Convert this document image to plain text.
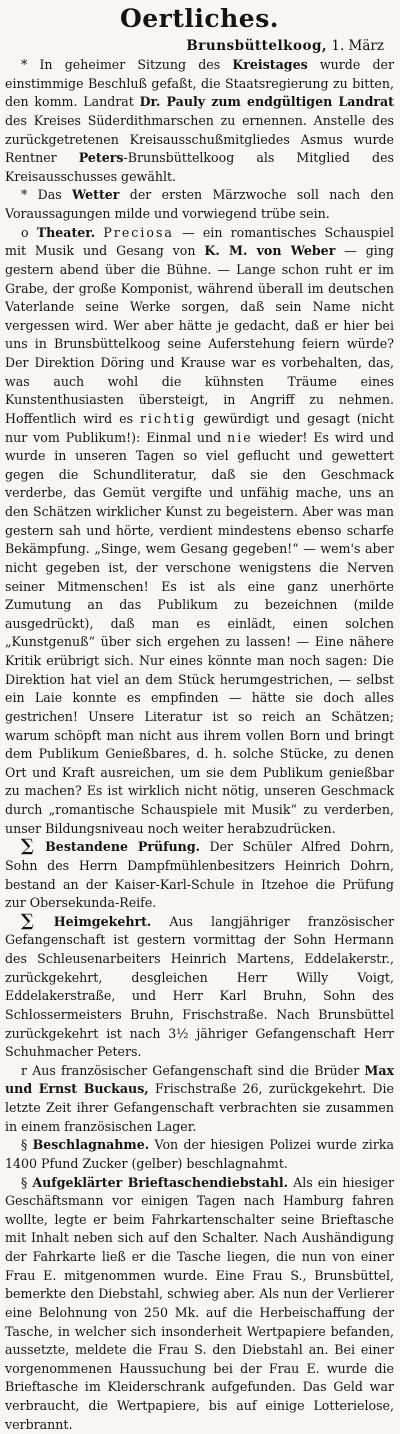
Oertliches.
Brunsbüttelkoog, 1. März

* In geheimer Sitzung des Kreistages wurde der einstimmige Beschluß gefaßt, die Staatsregierung zu bitten, den komm. Landrat Dr. Pauly zum endgültigen Landrat des Kreises Süderdithmarschen zu ernennen. Anstelle des zurückgetretenen Kreisausschußmitgliedes Asmus wurde Rentner Peters-Brunsbüttelkoog als Mitglied des Kreisausschusses gewählt.

* Das Wetter der ersten Märzwoche soll nach den Voraussagungen milde und vorwiegend trübe sein.

o Theater. Preciosa — ein romantisches Schauspiel mit Musik und Gesang von K. M. von Weber — ging gestern abend über die Bühne. — Lange schon ruht er im Grabe, der große Komponist, während überall im deutschen Vaterlande seine Werke sorgen, daß sein Name nicht vergessen wird. Wer aber hätte je gedacht, daß er hier bei uns in Brunsbüttelkoog seine Auferstehung feiern würde? Der Direktion Döring und Krause war es vorbehalten, das, was auch wohl die kühnsten Träume eines Kunstenthusiasten übersteigt, in Angriff zu nehmen. Hoffentlich wird es richtig gewürdigt und gesagt (nicht nur vom Publikum!): Einmal und nie wieder! Es wird und wurde in unseren Tagen so viel geflucht und gewettert gegen die Schundliteratur, daß sie den Geschmack verderbe, das Gemüt vergifte und unfähig mache, uns an den Schätzen wirklicher Kunst zu begeistern. Aber was man gestern sah und hörte, verdient mindestens ebenso scharfe Bekämpfung. „Singe, wem Gesang gegeben!“ — wem's aber nicht gegeben ist, der verschone wenigstens die Nerven seiner Mitmenschen! Es ist als eine ganz unerhörte Zumutung an das Publikum zu bezeichnen (milde ausgedrückt), daß man es einlädt, einen solchen „Kunstgenuß“ über sich ergehen zu lassen! — Eine nähere Kritik erübrigt sich. Nur eines könnte man noch sagen: Die Direktion hat viel an dem Stück herumgestrichen, — selbst ein Laie konnte es empfinden — hätte sie doch alles gestrichen! Unsere Literatur ist so reich an Schätzen; warum schöpft man nicht aus ihrem vollen Born und bringt dem Publikum Genießbares, d. h. solche Stücke, zu denen Ort und Kraft ausreichen, um sie dem Publikum genießbar zu machen? Es ist wirklich nicht nötig, unseren Geschmack durch „romantische Schauspiele mit Musik“ zu verderben, unser Bildungsniveau noch weiter herabzudrücken.

∑ Bestandene Prüfung. Der Schüler Alfred Dohrn, Sohn des Herrn Dampfmühlenbesitzers Heinrich Dohrn, bestand an der Kaiser-Karl-Schule in Itzehoe die Prüfung zur Obersekunda-Reife.

∑ Heimgekehrt. Aus langjähriger französischer Gefangenschaft ist gestern vormittag der Sohn Hermann des Schleusenarbeiters Heinrich Martens, Eddelakerstr., zurückgekehrt, desgleichen Herr Willy Voigt, Eddelakerstraße, und Herr Karl Bruhn, Sohn des Schlossermeisters Bruhn, Frischstraße. Nach Brunsbüttel zurückgekehrt ist nach 3½ jähriger Gefangenschaft Herr Schuhmacher Peters.

r Aus französischer Gefangenschaft sind die Brüder Max und Ernst Buckaus, Frischstraße 26, zurückgekehrt. Die letzte Zeit ihrer Gefangenschaft verbrachten sie zusammen in einem französischen Lager.

§ Beschlagnahme. Von der hiesigen Polizei wurde zirka 1400 Pfund Zucker (gelber) beschlagnahmt.

§ Aufgeklärter Brieftaschendiebstahl. Als ein hiesiger Geschäftsmann vor einigen Tagen nach Hamburg fahren wollte, legte er beim Fahrkartenschalter seine Brieftasche mit Inhalt neben sich auf den Schalter. Nach Aushändigung der Fahrkarte ließ er die Tasche liegen, die nun von einer Frau E. mitgenommen wurde. Eine Frau S., Brunsbüttel, bemerkte den Diebstahl, schwieg aber. Als nun der Verlierer eine Belohnung von 250 Mk. auf die Herbeischaffung der Tasche, in welcher sich insonderheit Wertpapiere befanden, aussetzte, meldete die Frau S. den Diebstahl an. Bei einer vorgenommenen Haussuchung bei der Frau E. wurde die Brieftasche im Kleiderschrank aufgefunden. Das Geld war verbraucht, die Wertpapiere, bis auf einige Lotterielose, verbrannt.
